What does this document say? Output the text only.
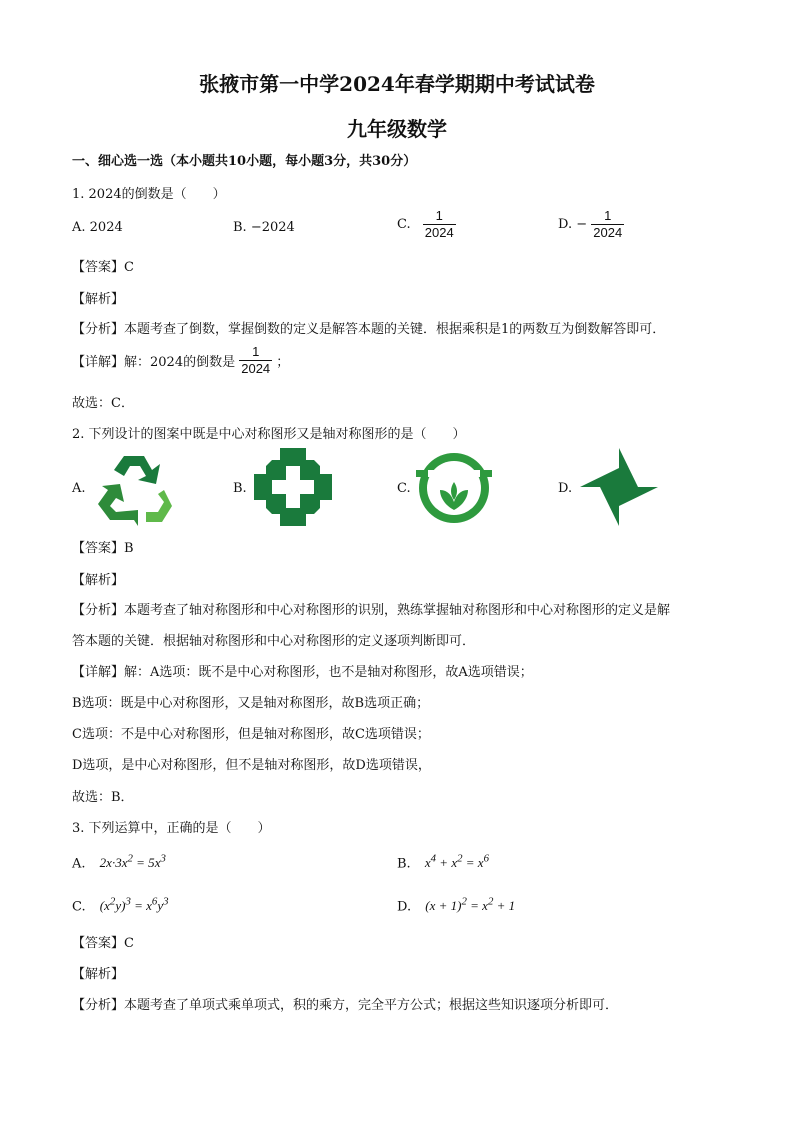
张掖市第一中学2024年春学期期中考试试卷
九年级数学
一、细心选一选（本小题共10小题，每小题3分，共30分）
1. 2024的倒数是（　　）
A. 2024	B. −2024	C. $\frac{1}{2024}$	D. − $\frac{1}{2024}$
【答案】C
【解析】
【分析】本题考查了倒数，掌握倒数的定义是解答本题的关键．根据乘积是1的两数互为倒数解答即可．
【详解】解：2024的倒数是 $\frac{1}{2024}$ ；
故选：C．
2. 下列设计的图案中既是中心对称图形又是轴对称图形的是（　　）
A.	B.	C.	D.
【答案】B
【解析】
【分析】本题考查了轴对称图形和中心对称图形的识别，熟练掌握轴对称图形和中心对称图形的定义是解
答本题的关键．根据轴对称图形和中心对称图形的定义逐项判断即可．
【详解】解：A选项：既不是中心对称图形，也不是轴对称图形，故A选项错误；
B选项：既是中心对称图形，又是轴对称图形，故B选项正确；
C选项：不是中心对称图形，但是轴对称图形，故C选项错误；
D选项，是中心对称图形，但不是轴对称图形，故D选项错误，
故选：B．
3. 下列运算中，正确的是（　　）
A. $2x\cdot 3x^2 = 5x^3$	B. $x^4 + x^2 = x^6$
C. $(x^2y)^3 = x^6y^3$	D. $(x + 1)^2 = x^2 + 1$
【答案】C
【解析】
【分析】本题考查了单项式乘单项式，积的乘方，完全平方公式；根据这些知识逐项分析即可．
